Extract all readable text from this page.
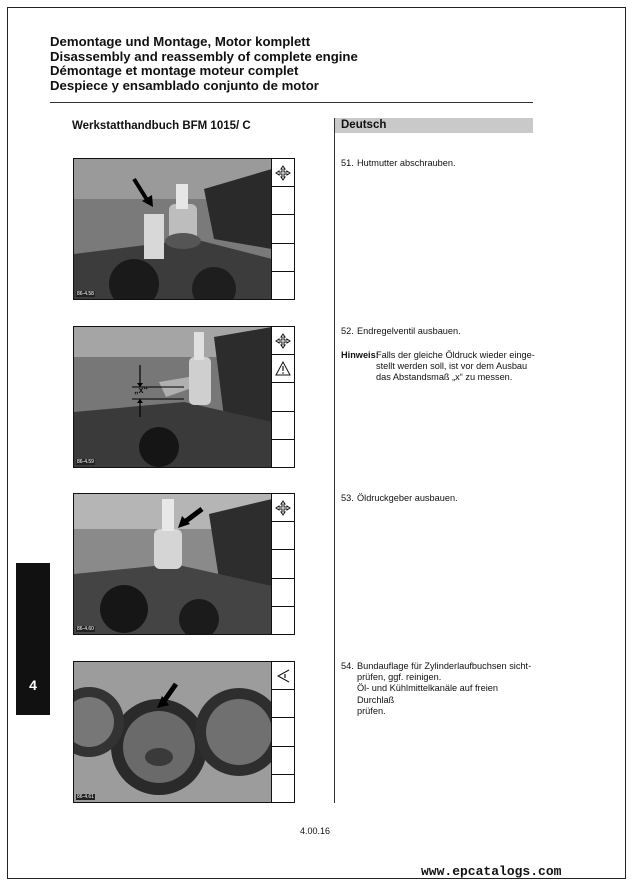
Demontage und Montage, Motor komplett
Disassembly and reassembly of complete engine
Démontage et montage moteur complet
Despiece y ensamblado conjunto de motor
Werkstatthandbuch BFM 1015/ C	Deutsch
86-4.58
„x“
86-4.59
86-4.60
86-4.61
51. Hutmutter abschrauben.
52. Endregelventil ausbauen.
Hinweis:
Falls der gleiche Öldruck wieder einge-
stellt werden soll, ist vor dem Ausbau
das Abstandsmaß „x“ zu messen.
53. Öldruckgeber ausbauen.
54. Bundauflage für Zylinderlaufbuchsen sicht-
prüfen, ggf. reinigen.
Öl- und Kühlmittelkanäle auf freien Durchlaß
prüfen.
4
4.00.16
www.epcatalogs.com
